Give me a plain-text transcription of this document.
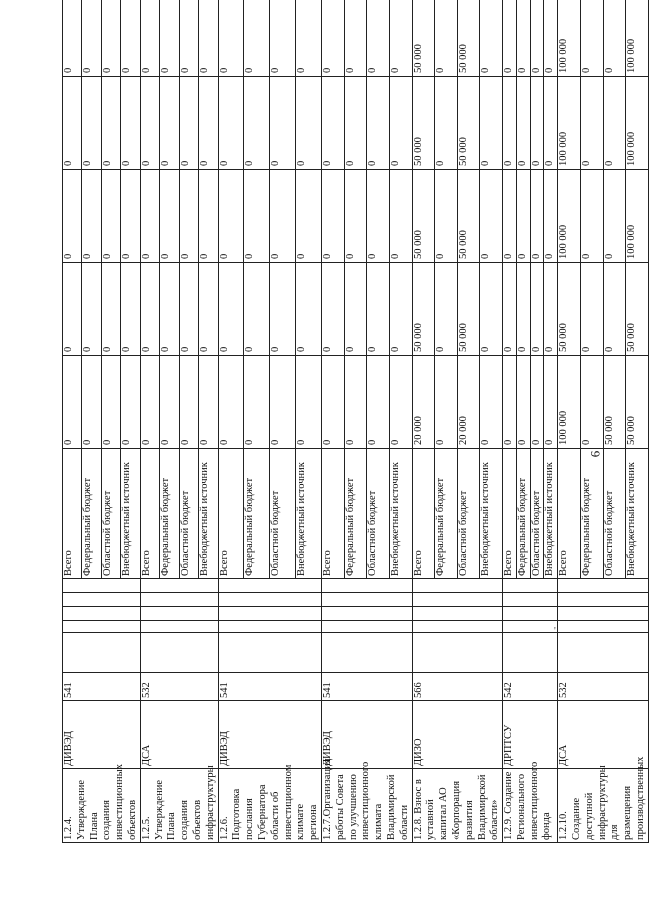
6
'
1.2.4. Утверждение Плана создания инвестиционных объектов	ДИВЭД	541						Всего	0	0	0	0	0
								Федеральный бюджет	0	0	0	0	0
								Областной бюджет	0	0	0	0	0
								Внебюджетный источник	0	0	0	0	0
1.2.5. Утверждение Плана создания объектов инфраструктуры	ДСА	532						Всего	0	0	0	0	0
								Федеральный бюджет	0	0	0	0	0
								Областной бюджет	0	0	0	0	0
								Внебюджетный источник	0	0	0	0	0
1.2.6. Подготовка послания Губернатора области об инвестиционном климате региона	ДИВЭД	541						Всего	0	0	0	0	0
								Федеральный бюджет	0	0	0	0	0
								Областной бюджет	0	0	0	0	0
								Внебюджетный источник	0	0	0	0	0
1.2.7.Организация работы Совета по улучшению инвестиционного климата Владимирской области	ДИВЭД	541						Всего	0	0	0	0	0
								Федеральный бюджет	0	0	0	0	0
								Областной бюджет	0	0	0	0	0
								Внебюджетный источник	0	0	0	0	0
1.2.8. Взнос в уставной капитал АО «Корпорация развития Владимирской области»	ДИЗО	566						Всего	20 000	50 000	50 000	50 000	50 000
								Федеральный бюджет	0	0	0	0	0
								Областной бюджет	20 000	50 000	50 000	50 000	50 000
								Внебюджетный источник	0	0	0	0	0
1.2.9. Создание Регионального инвестиционного фонда	ДРПТСУ	542						Всего	0	0	0	0	0
								Федеральный бюджет	0	0	0	0	0
								Областной бюджет	0	0	0	0	0
								Внебюджетный источник	0	0	0	0	0
1.2.10. Создание доступной инфраструктуры для размещения производственных	ДСА	532						Всего	100 000	50 000	100 000	100 000	100 000
								Федеральный бюджет	0	0	0	0	0
								Областной бюджет	50 000	0	0	0	0
								Внебюджетный источник	50 000	50 000	100 000	100 000	100 000
